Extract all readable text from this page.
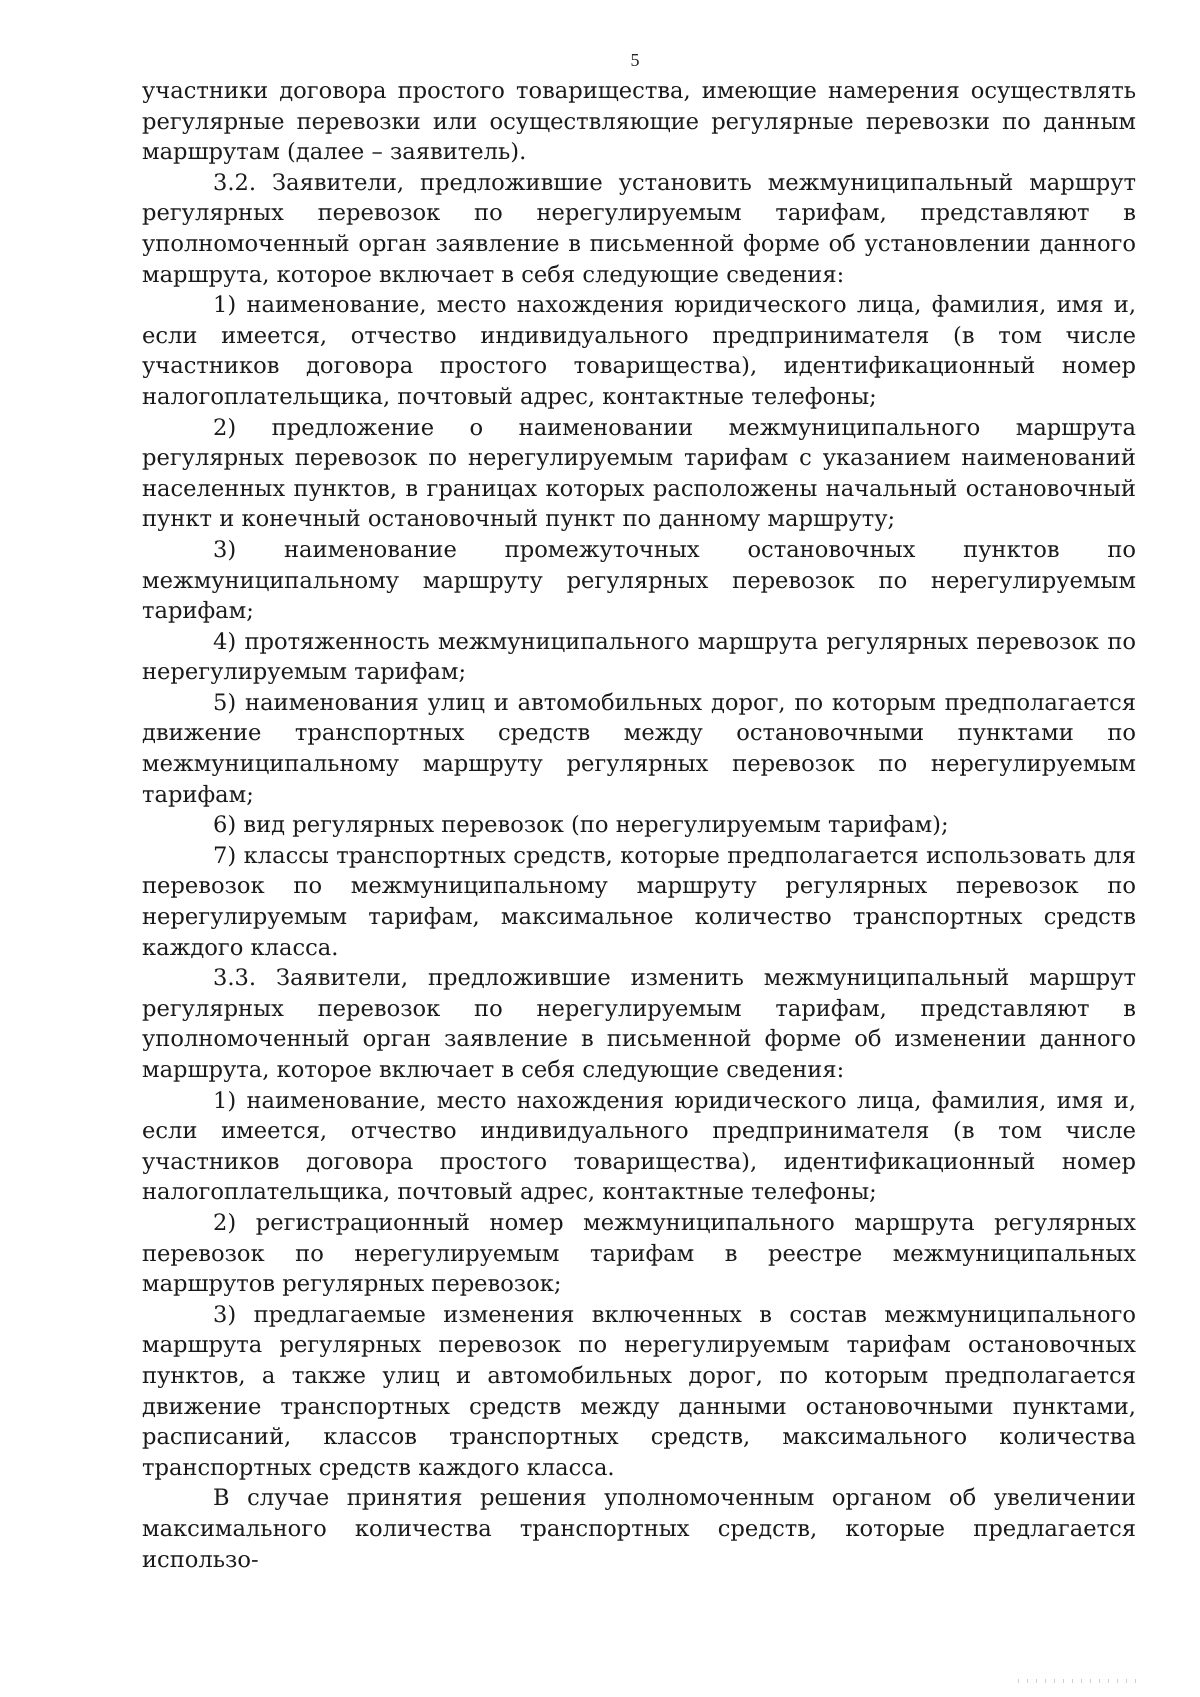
5

участники договора простого товарищества, имеющие намерения осуществлять регулярные перевозки или осуществляющие регулярные перевозки по данным маршрутам (далее – заявитель).

3.2. Заявители, предложившие установить межмуниципальный маршрут регулярных перевозок по нерегулируемым тарифам, представляют в уполномоченный орган заявление в письменной форме об установлении данного маршрута, которое включает в себя следующие сведения:

1) наименование, место нахождения юридического лица, фамилия, имя и, если имеется, отчество индивидуального предпринимателя (в том числе участников договора простого товарищества), идентификационный номер налогоплательщика, почтовый адрес, контактные телефоны;

2) предложение о наименовании межмуниципального маршрута регулярных перевозок по нерегулируемым тарифам с указанием наименований населенных пунктов, в границах которых расположены начальный остановочный пункт и конечный остановочный пункт по данному маршруту;

3) наименование промежуточных остановочных пунктов по межмуниципальному маршруту регулярных перевозок по нерегулируемым тарифам;

4) протяженность межмуниципального маршрута регулярных перевозок по нерегулируемым тарифам;

5) наименования улиц и автомобильных дорог, по которым предполагается движение транспортных средств между остановочными пунктами по межмуниципальному маршруту регулярных перевозок по нерегулируемым тарифам;

6) вид регулярных перевозок (по нерегулируемым тарифам);

7) классы транспортных средств, которые предполагается использовать для перевозок по межмуниципальному маршруту регулярных перевозок по нерегулируемым тарифам, максимальное количество транспортных средств каждого класса.

3.3. Заявители, предложившие изменить межмуниципальный маршрут регулярных перевозок по нерегулируемым тарифам, представляют в уполномоченный орган заявление в письменной форме об изменении данного маршрута, которое включает в себя следующие сведения:

1) наименование, место нахождения юридического лица, фамилия, имя и, если имеется, отчество индивидуального предпринимателя (в том числе участников договора простого товарищества), идентификационный номер налогоплательщика, почтовый адрес, контактные телефоны;

2) регистрационный номер межмуниципального маршрута регулярных перевозок по нерегулируемым тарифам в реестре межмуниципальных маршрутов регулярных перевозок;

3) предлагаемые изменения включенных в состав межмуниципального маршрута регулярных перевозок по нерегулируемым тарифам остановочных пунктов, а также улиц и автомобильных дорог, по которым предполагается движение транспортных средств между данными остановочными пунктами, расписаний, классов транспортных средств, максимального количества транспортных средств каждого класса.

В случае принятия решения уполномоченным органом об увеличении максимального количества транспортных средств, которые предлагается использо-
